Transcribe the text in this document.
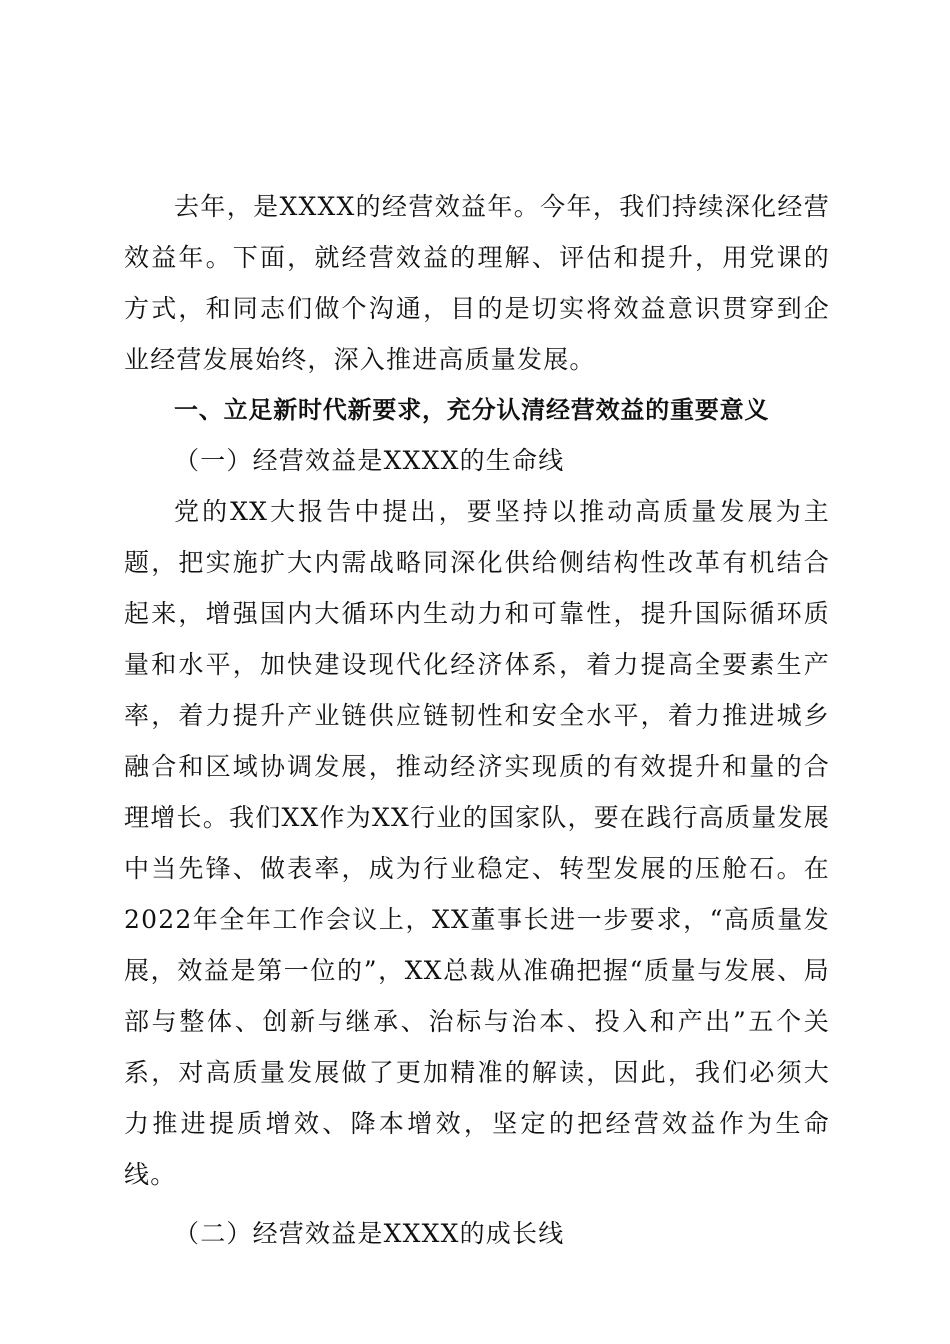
去年，是XXXX的经营效益年。今年，我们持续深化经营效益年。下面，就经营效益的理解、评估和提升，用党课的方式，和同志们做个沟通，目的是切实将效益意识贯穿到企业经营发展始终，深入推进高质量发展。

一、立足新时代新要求，充分认清经营效益的重要意义

（一）经营效益是XXXX的生命线

党的XX大报告中提出，要坚持以推动高质量发展为主题，把实施扩大内需战略同深化供给侧结构性改革有机结合起来，增强国内大循环内生动力和可靠性，提升国际循环质量和水平，加快建设现代化经济体系，着力提高全要素生产率，着力提升产业链供应链韧性和安全水平，着力推进城乡融合和区域协调发展，推动经济实现质的有效提升和量的合理增长。我们XX作为XX行业的国家队，要在践行高质量发展中当先锋、做表率，成为行业稳定、转型发展的压舱石。在2022年全年工作会议上，XX董事长进一步要求，“高质量发展，效益是第一位的”，XX总裁从准确把握“质量与发展、局部与整体、创新与继承、治标与治本、投入和产出”五个关系，对高质量发展做了更加精准的解读，因此，我们必须大力推进提质增效、降本增效，坚定的把经营效益作为生命线。

（二）经营效益是XXXX的成长线
